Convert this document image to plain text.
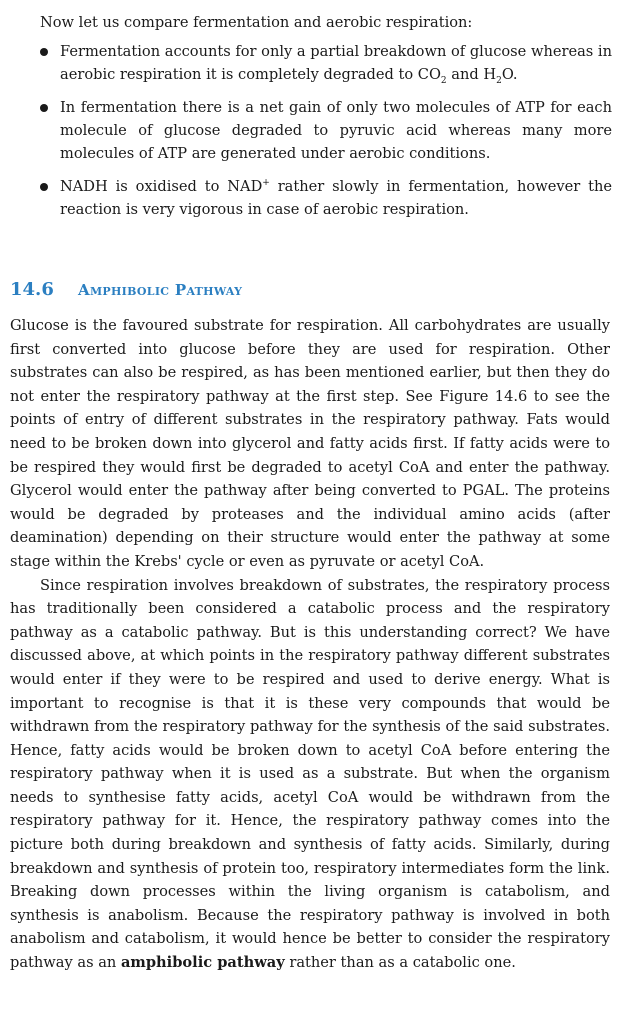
Now let us compare fermentation and aerobic respiration:

Fermentation accounts for only a partial breakdown of glucose whereas in aerobic respiration it is completely degraded to $CO_2$ and $H_2O$.
In fermentation there is a net gain of only two molecules of ATP for each molecule of glucose degraded to pyruvic acid whereas many more molecules of ATP are generated under aerobic conditions.
NADH is oxidised to NAD+ rather slowly in fermentation, however the reaction is very vigorous in case of aerobic respiration.
14.6 Amphibolic Pathway

Glucose is the favoured substrate for respiration. All carbohydrates are usually first converted into glucose before they are used for respiration. Other substrates can also be respired, as has been mentioned earlier, but then they do not enter the respiratory pathway at the first step. See Figure 14.6 to see the points of entry of different substrates in the respiratory pathway. Fats would need to be broken down into glycerol and fatty acids first. If fatty acids were to be respired they would first be degraded to acetyl CoA and enter the pathway. Glycerol would enter the pathway after being converted to PGAL. The proteins would be degraded by proteases and the individual amino acids (after deamination) depending on their structure would enter the pathway at some stage within the Krebs' cycle or even as pyruvate or acetyl CoA.

Since respiration involves breakdown of substrates, the respiratory process has traditionally been considered a catabolic process and the respiratory pathway as a catabolic pathway. But is this understanding correct? We have discussed above, at which points in the respiratory pathway different substrates would enter if they were to be respired and used to derive energy. What is important to recognise is that it is these very compounds that would be withdrawn from the respiratory pathway for the synthesis of the said substrates. Hence, fatty acids would be broken down to acetyl CoA before entering the respiratory pathway when it is used as a substrate. But when the organism needs to synthesise fatty acids, acetyl CoA would be withdrawn from the respiratory pathway for it. Hence, the respiratory pathway comes into the picture both during breakdown and synthesis of fatty acids. Similarly, during breakdown and synthesis of protein too, respiratory intermediates form the link. Breaking down processes within the living organism is catabolism, and synthesis is anabolism. Because the respiratory pathway is involved in both anabolism and catabolism, it would hence be better to consider the respiratory pathway as an amphibolic pathway rather than as a catabolic one.
